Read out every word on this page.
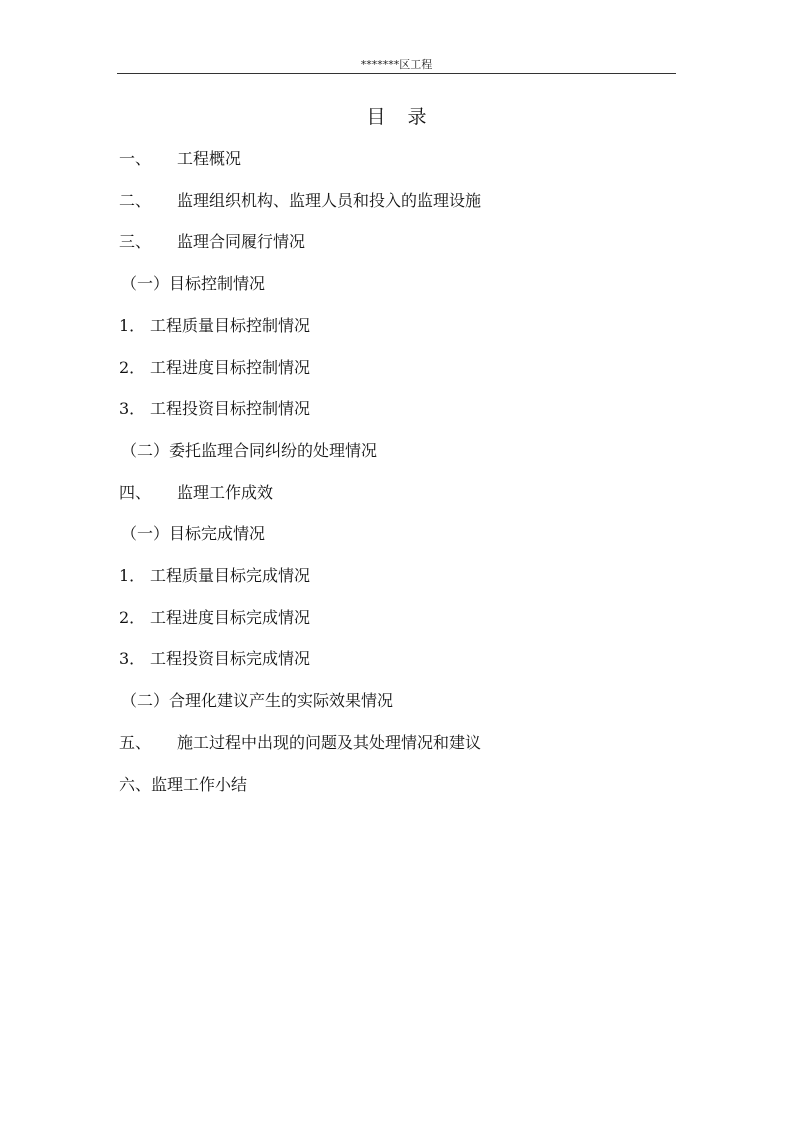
*******区工程
目 录
一、 工程概况
二、 监理组织机构、监理人员和投入的监理设施
三、 监理合同履行情况
（一）目标控制情况
1． 工程质量目标控制情况
2． 工程进度目标控制情况
3． 工程投资目标控制情况
（二）委托监理合同纠纷的处理情况
四、 监理工作成效
（一）目标完成情况
1． 工程质量目标完成情况
2． 工程进度目标完成情况
3． 工程投资目标完成情况
（二）合理化建议产生的实际效果情况
五、 施工过程中出现的问题及其处理情况和建议
六、监理工作小结
